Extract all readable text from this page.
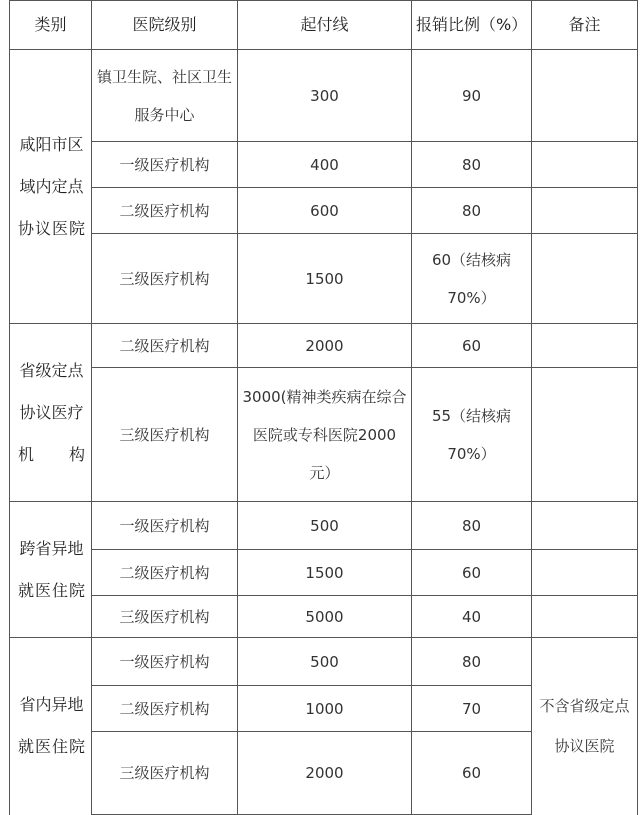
类别	医院级别	起付线	报销比例（%）	备注
咸阳市区域内定点协议医院	镇卫生院、社区卫生服务中心	300	90	
	一级医疗机构	400	80	
	二级医疗机构	600	80	
	三级医疗机构	1500	60（结核病70%）	
省级定点协议医疗机构	二级医疗机构	2000	60	
	三级医疗机构	3000(精神类疾病在综合医院或专科医院2000元）	55（结核病70%）	
跨省异地就医住院	一级医疗机构	500	80	
	二级医疗机构	1500	60	
	三级医疗机构	5000	40	
省内异地就医住院	一级医疗机构	500	80	不含省级定点协议医院
	二级医疗机构	1000	70	
	三级医疗机构	2000	60	
